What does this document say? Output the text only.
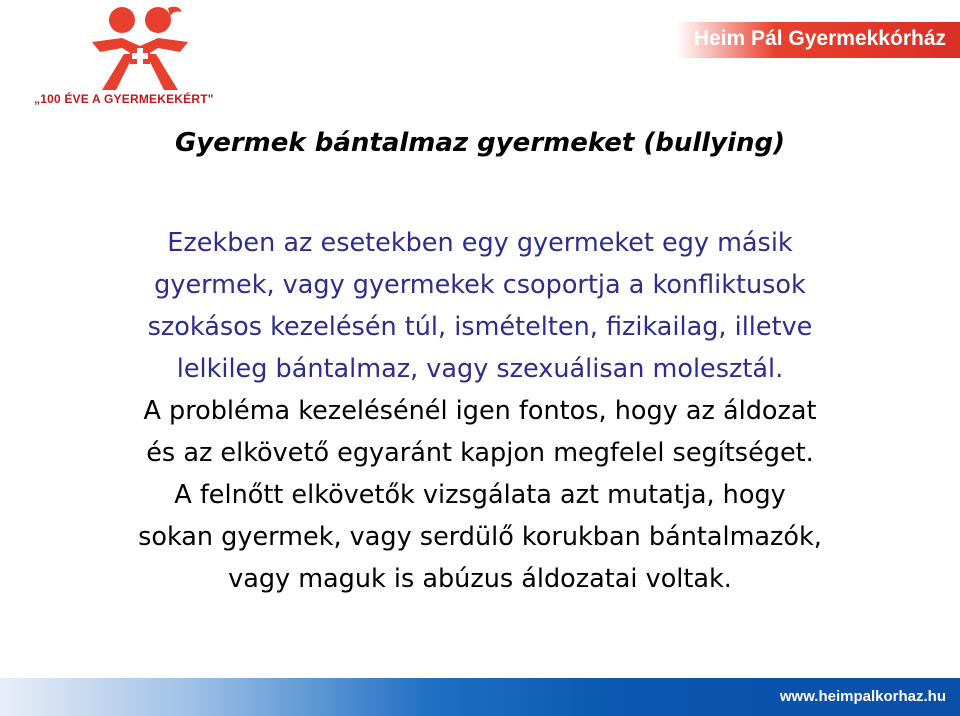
„100 ÉVE A GYERMEKEKÉRT"
Heim Pál Gyermekkórház
Gyermek bántalmaz gyermeket (bullying)
Ezekben az esetekben egy gyermeket egy másik
gyermek, vagy gyermekek csoportja a konfliktusok
szokásos kezelésén túl, ismételten, fizikailag, illetve
lelkileg bántalmaz, vagy szexuálisan molesztál.
A probléma kezelésénél igen fontos, hogy az áldozat
és az elkövető egyaránt kapjon megfelel segítséget.
A felnőtt elkövetők vizsgálata azt mutatja, hogy
sokan gyermek, vagy serdülő korukban bántalmazók,
vagy maguk is abúzus áldozatai voltak.
www.heimpalkorhaz.hu
